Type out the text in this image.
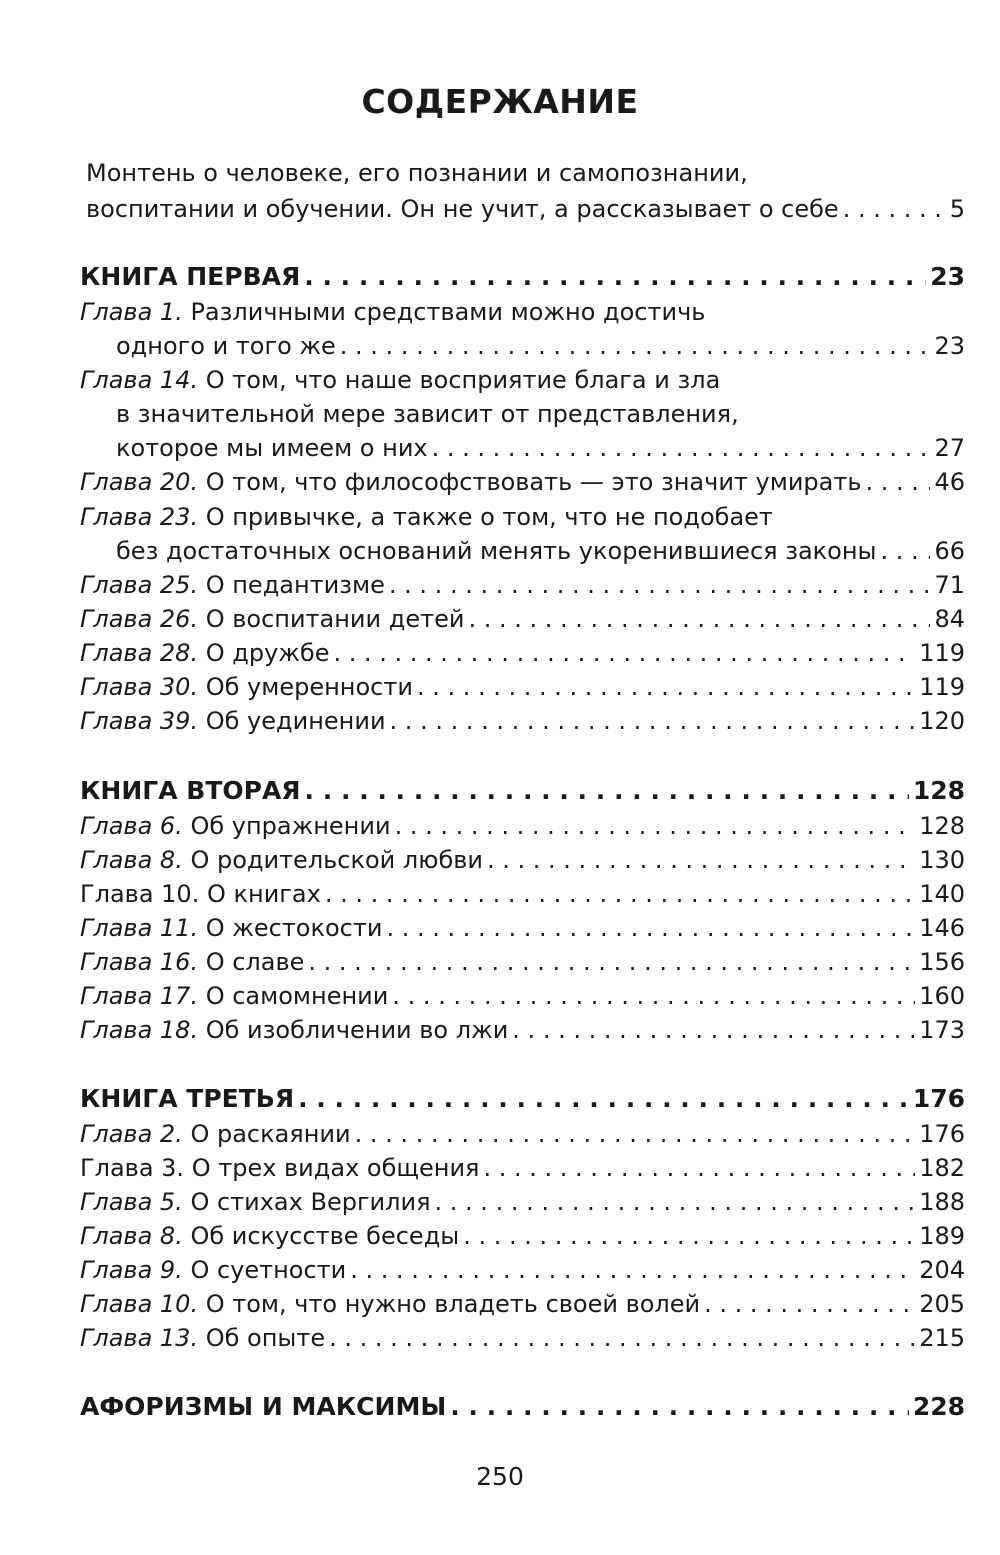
СОДЕРЖАНИЕ
Монтень о человеке, его познании и самопознании,
воспитании и обучении. Он не учит, а рассказывает о себе . . .	5
КНИГА ПЕРВАЯ . . .	23
Глава 1. Различными средствами можно достичь
одного и того же . . .	23
Глава 14. О том, что наше восприятие блага и зла
в значительной мере зависит от представления,
которое мы имеем о них . . .	27
Глава 20. О том, что философствовать — это значит умирать . . .	46
Глава 23. О привычке, а также о том, что не подобает
без достаточных оснований менять укоренившиеся законы . . . 66
Глава 25. О педантизме . . .	71
Глава 26. О воспитании детей . . .	84
Глава 28. О дружбе . . .	119
Глава 30. Об умеренности . . .	119
Глава 39. Об уединении . . .	120
КНИГА ВТОРАЯ . . .	128
Глава 6. Об упражнении . . .	128
Глава 8. О родительской любви . . .	130
Глава 10. О книгах . . .	140
Глава 11. О жестокости . . .	146
Глава 16. О славе . . .	156
Глава 17. О самомнении . . .	160
Глава 18. Об изобличении во лжи . . .	173
КНИГА ТРЕТЬЯ . . .	176
Глава 2. О раскаянии . . .	176
Глава 3. О трех видах общения . . .	182
Глава 5. О стихах Вергилия . . .	188
Глава 8. Об искусстве беседы . . .	189
Глава 9. О суетности . . .	204
Глава 10. О том, что нужно владеть своей волей . . .	205
Глава 13. Об опыте . . .	215
АФОРИЗМЫ И МАКСИМЫ . . .	228
250
